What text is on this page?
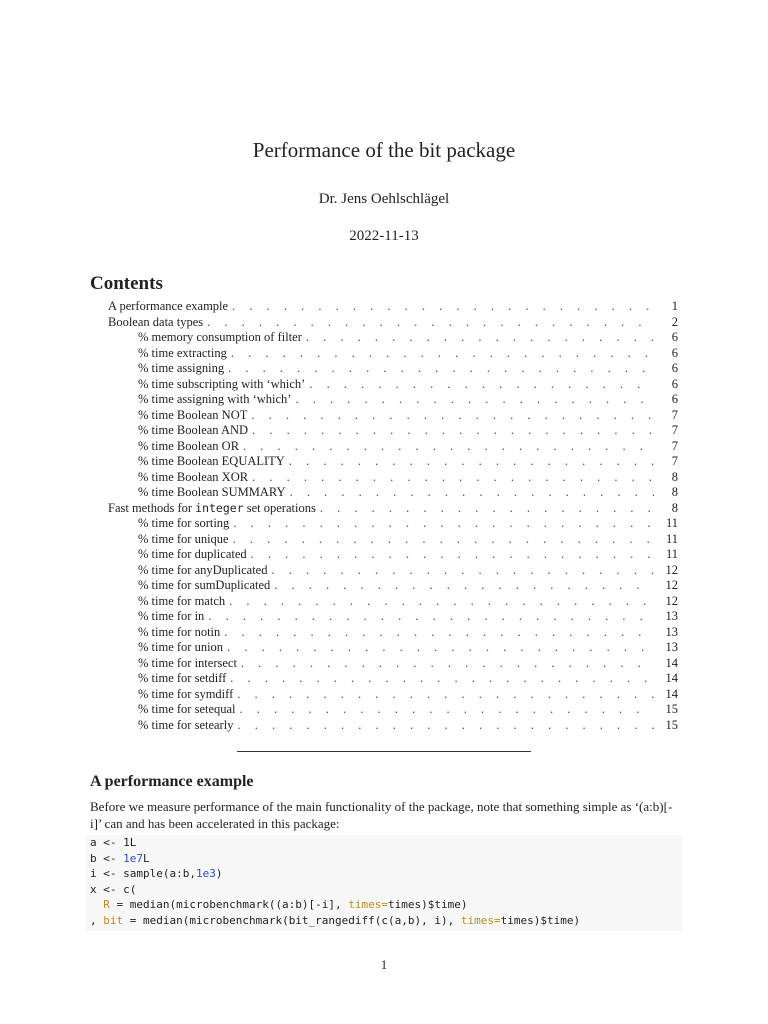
Performance of the bit package
Dr. Jens Oehlschlägel
2022-11-13
Contents
A performance example . . .	1
Boolean data types . . .	2
% memory consumption of filter . . .	6
% time extracting . . .	6
% time assigning . . .	6
% time subscripting with ‘which’ . . .	6
% time assigning with ‘which’ . . .	6
% time Boolean NOT . . .	7
% time Boolean AND . . .	7
% time Boolean OR . . .	7
% time Boolean EQUALITY . . .	7
% time Boolean XOR . . .	8
% time Boolean SUMMARY . . .	8
Fast methods for integer set operations . . .	8
% time for sorting . . .	11
% time for unique . . .	11
% time for duplicated . . .	11
% time for anyDuplicated . . .	12
% time for sumDuplicated . . .	12
% time for match . . .	12
% time for in . . .	13
% time for notin . . .	13
% time for union . . .	13
% time for intersect . . .	14
% time for setdiff . . .	14
% time for symdiff . . .	14
% time for setequal . . .	15
% time for setearly . . .	15
A performance example
Before we measure performance of the main functionality of the package, note that something simple as ‘(a:b)[-i]’ can and has been accelerated in this package:
a <- 1L
b <- 1e7L
i <- sample(a:b,1e3)
x <- c(
R = median(microbenchmark((a:b)[-i], times=times)$time)
, bit = median(microbenchmark(bit_rangediff(c(a,b), i), times=times)$time)
1
